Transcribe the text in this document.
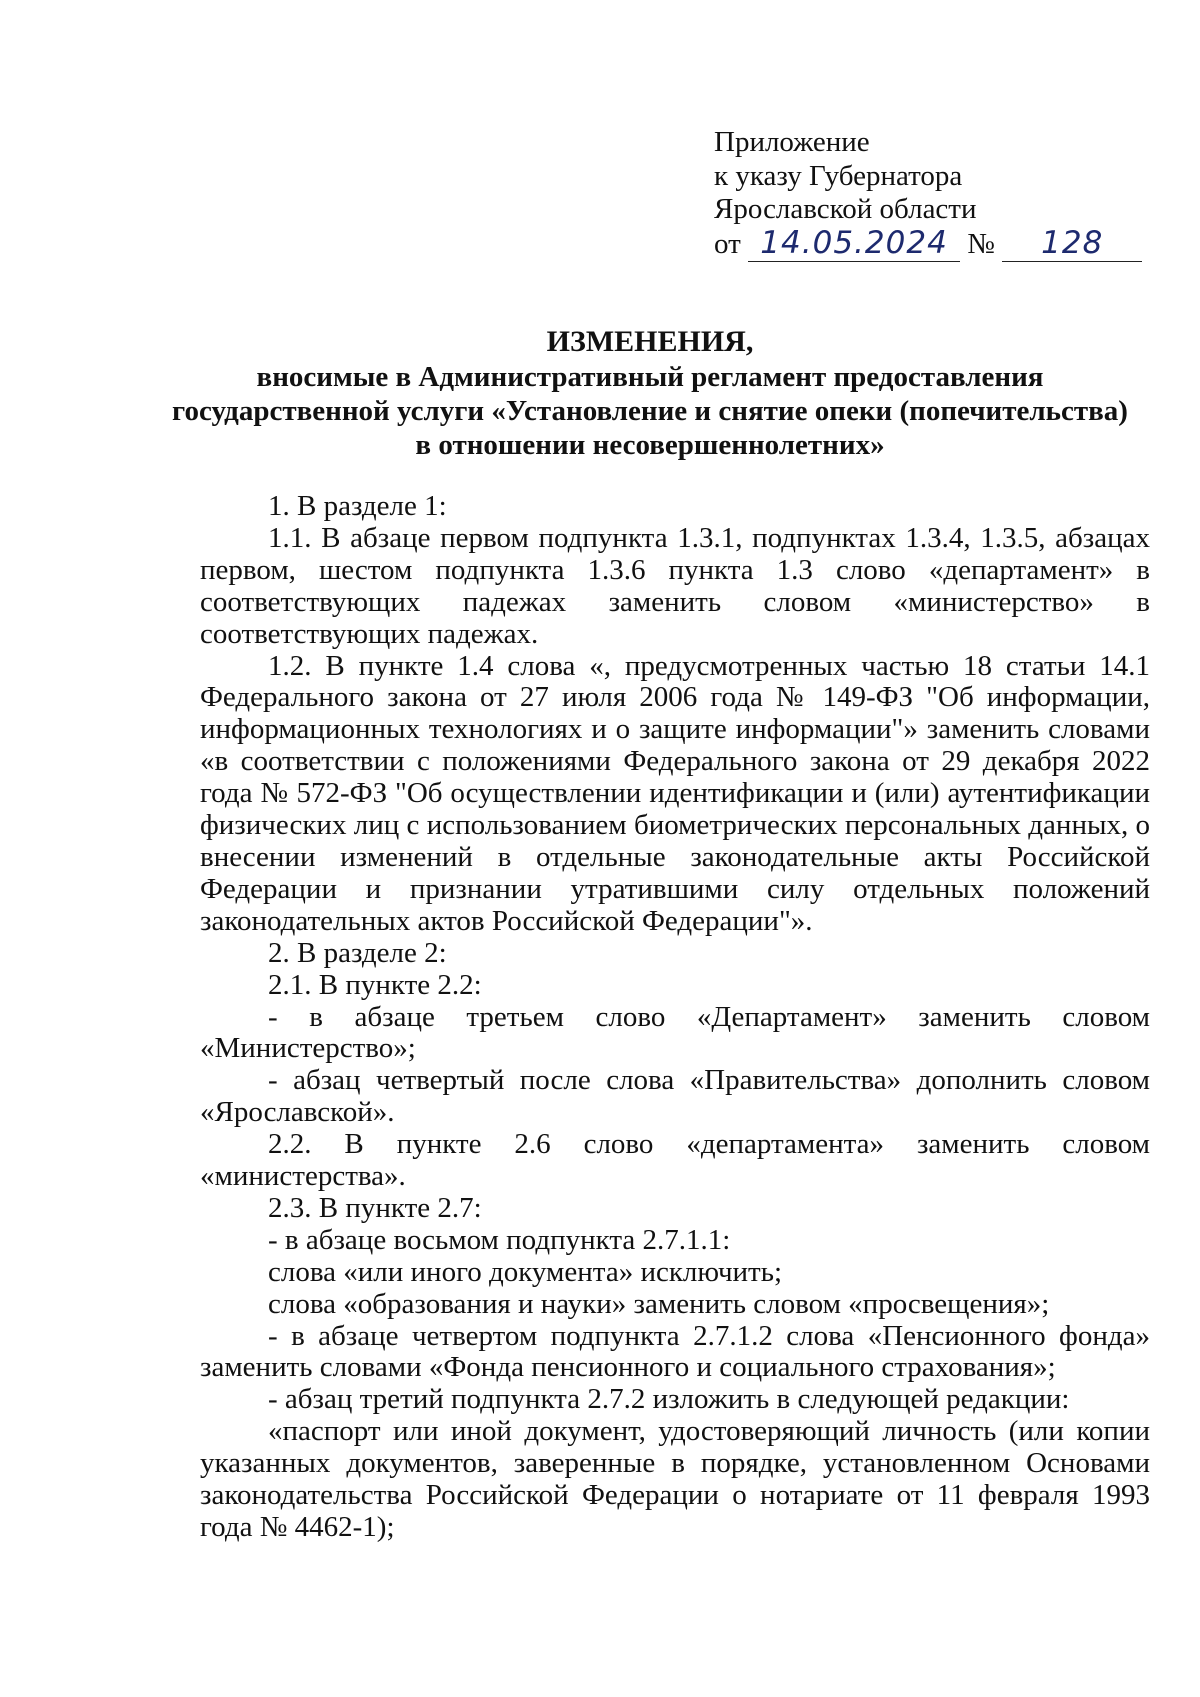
Приложение
к указу Губернатора
Ярославской области
от 14.05.2024 № 128
ИЗМЕНЕНИЯ,
вносимые в Административный регламент предоставления
государственной услуги «Установление и снятие опеки (попечительства)
в отношении несовершеннолетних»

1. В разделе 1:

1.1. В абзаце первом подпункта 1.3.1, подпунктах 1.3.4, 1.3.5, абзацах первом, шестом подпункта 1.3.6 пункта 1.3 слово «департамент» в соответствующих падежах заменить словом «министерство» в соответствующих падежах.

1.2. В пункте 1.4 слова «, предусмотренных частью 18 статьи 14.1 Федерального закона от 27 июля 2006 года № 149-ФЗ "Об информации, информационных технологиях и о защите информации"» заменить словами «в соответствии с положениями Федерального закона от 29 декабря 2022 года № 572-ФЗ "Об осуществлении идентификации и (или) аутентификации физических лиц с использованием биометрических персональных данных, о внесении изменений в отдельные законодательные акты Российской Федерации и признании утратившими силу отдельных положений законодательных актов Российской Федерации"».

2. В разделе 2:

2.1. В пункте 2.2:

- в абзаце третьем слово «Департамент» заменить словом «Министерство»;

- абзац четвертый после слова «Правительства» дополнить словом «Ярославской».

2.2. В пункте 2.6 слово «департамента» заменить словом «министерства».

2.3. В пункте 2.7:

- в абзаце восьмом подпункта 2.7.1.1:

слова «или иного документа» исключить;

слова «образования и науки» заменить словом «просвещения»;

- в абзаце четвертом подпункта 2.7.1.2 слова «Пенсионного фонда» заменить словами «Фонда пенсионного и социального страхования»;

- абзац третий подпункта 2.7.2 изложить в следующей редакции:

«паспорт или иной документ, удостоверяющий личность (или копии указанных документов, заверенные в порядке, установленном Основами законодательства Российской Федерации о нотариате от 11 февраля 1993 года № 4462-1);
